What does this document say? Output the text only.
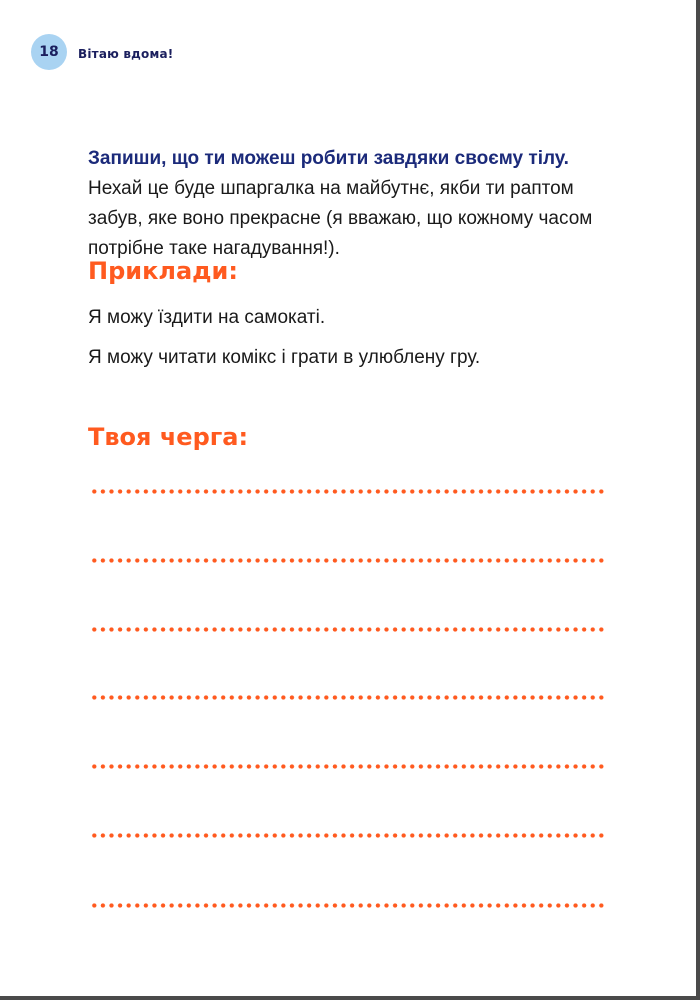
18 Вітаю вдома!

Запиши, що ти можеш робити завдяки своєму тілу. Нехай це буде шпаргалка на майбутнє, якби ти раптом забув, яке воно прекрасне (я вважаю, що кожному часом потрібне таке нагадування!).

Приклади:
Я можу їздити на самокаті.
Я можу читати комікс і грати в улюблену гру.
Твоя черга:
